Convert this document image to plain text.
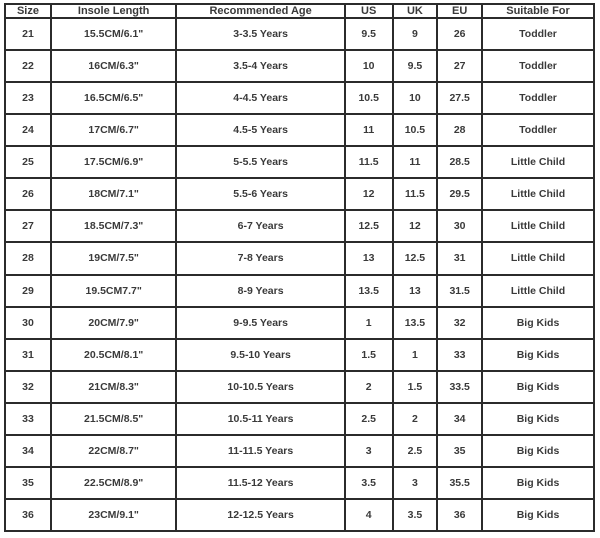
Size	Insole Length	Recommended Age	US	UK	EU	Suitable For
21	15.5CM/6.1"	3-3.5 Years	9.5	9	26	Toddler
22	16CM/6.3"	3.5-4 Years	10	9.5	27	Toddler
23	16.5CM/6.5"	4-4.5 Years	10.5	10	27.5	Toddler
24	17CM/6.7"	4.5-5 Years	11	10.5	28	Toddler
25	17.5CM/6.9"	5-5.5 Years	11.5	11	28.5	Little Child
26	18CM/7.1"	5.5-6 Years	12	11.5	29.5	Little Child
27	18.5CM/7.3"	6-7 Years	12.5	12	30	Little Child
28	19CM/7.5"	7-8 Years	13	12.5	31	Little Child
29	19.5CM7.7"	8-9 Years	13.5	13	31.5	Little Child
30	20CM/7.9"	9-9.5 Years	1	13.5	32	Big Kids
31	20.5CM/8.1"	9.5-10 Years	1.5	1	33	Big Kids
32	21CM/8.3"	10-10.5 Years	2	1.5	33.5	Big Kids
33	21.5CM/8.5"	10.5-11 Years	2.5	2	34	Big Kids
34	22CM/8.7"	11-11.5 Years	3	2.5	35	Big Kids
35	22.5CM/8.9"	11.5-12 Years	3.5	3	35.5	Big Kids
36	23CM/9.1"	12-12.5 Years	4	3.5	36	Big Kids
